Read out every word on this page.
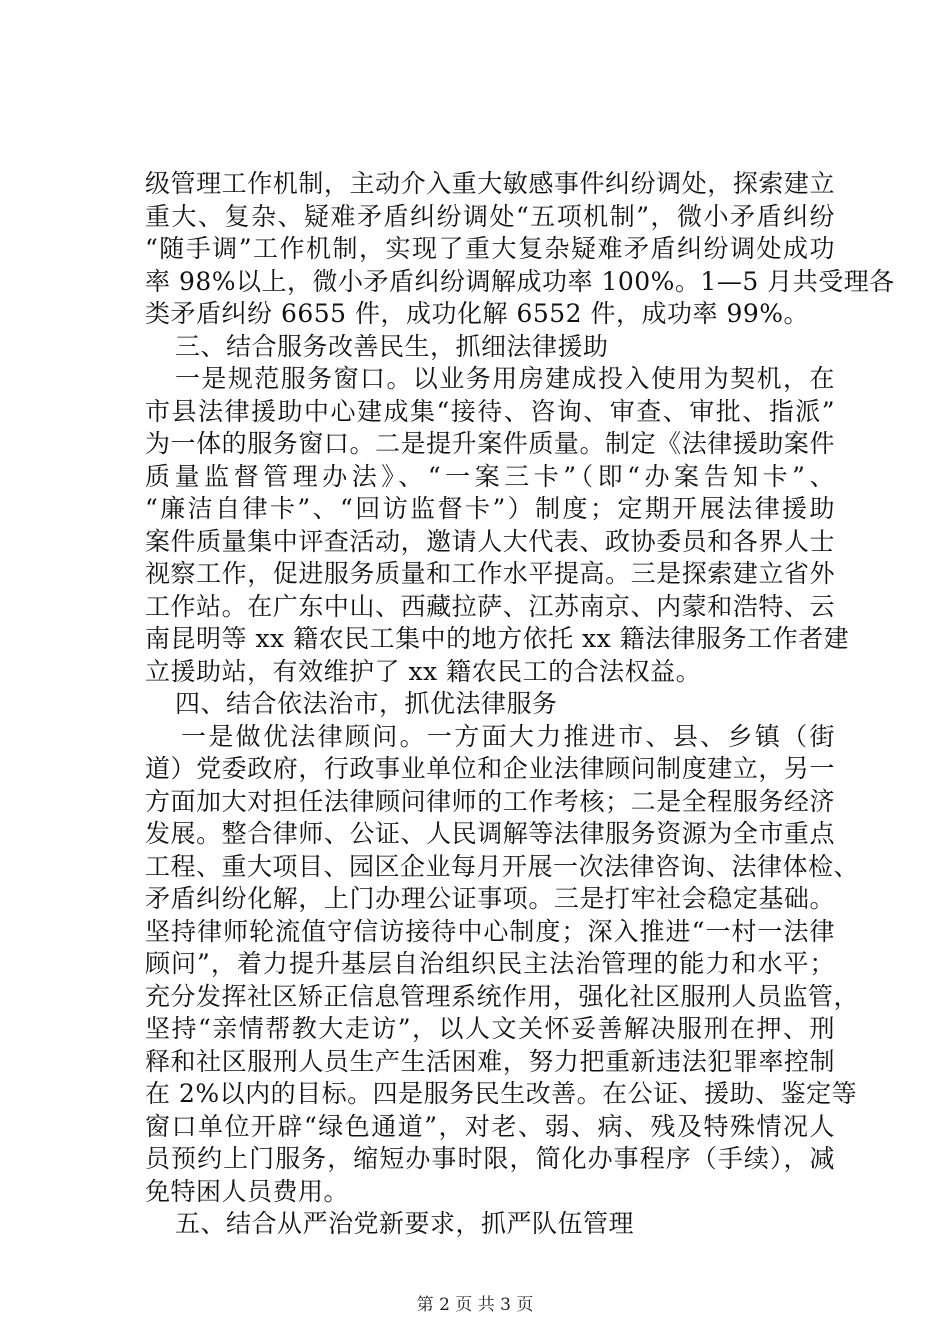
级管理工作机制，主动介入重大敏感事件纠纷调处，探索建立
重大、复杂、疑难矛盾纠纷调处“五项机制”，微小矛盾纠纷
“随手调”工作机制，实现了重大复杂疑难矛盾纠纷调处成功
率 98%以上，微小矛盾纠纷调解成功率 100%。1—5 月共受理各
类矛盾纠纷 6655 件，成功化解 6552 件，成功率 99%。
三、结合服务改善民生，抓细法律援助
一是规范服务窗口。以业务用房建成投入使用为契机，在
市县法律援助中心建成集“接待、咨询、审查、审批、指派”
为一体的服务窗口。二是提升案件质量。制定《法律援助案件
质量监督管理办法》、“一案三卡”（即“办案告知卡”、
“廉洁自律卡”、“回访监督卡”）制度；定期开展法律援助
案件质量集中评查活动，邀请人大代表、政协委员和各界人士
视察工作，促进服务质量和工作水平提高。三是探索建立省外
工作站。在广东中山、西藏拉萨、江苏南京、内蒙和浩特、云
南昆明等 xx 籍农民工集中的地方依托 xx 籍法律服务工作者建
立援助站，有效维护了 xx 籍农民工的合法权益。
四、结合依法治市，抓优法律服务
一是做优法律顾问。一方面大力推进市、县、乡镇（街
道）党委政府，行政事业单位和企业法律顾问制度建立，另一
方面加大对担任法律顾问律师的工作考核；二是全程服务经济
发展。整合律师、公证、人民调解等法律服务资源为全市重点
工程、重大项目、园区企业每月开展一次法律咨询、法律体检、
矛盾纠纷化解，上门办理公证事项。三是打牢社会稳定基础。
坚持律师轮流值守信访接待中心制度；深入推进“一村一法律
顾问”，着力提升基层自治组织民主法治管理的能力和水平；
充分发挥社区矫正信息管理系统作用，强化社区服刑人员监管，
坚持“亲情帮教大走访”，以人文关怀妥善解决服刑在押、刑
释和社区服刑人员生产生活困难，努力把重新违法犯罪率控制
在 2%以内的目标。四是服务民生改善。在公证、援助、鉴定等
窗口单位开辟“绿色通道”，对老、弱、病、残及特殊情况人
员预约上门服务，缩短办事时限，简化办事程序（手续），减
免特困人员费用。
五、结合从严治党新要求，抓严队伍管理
第 2 页 共 3 页
